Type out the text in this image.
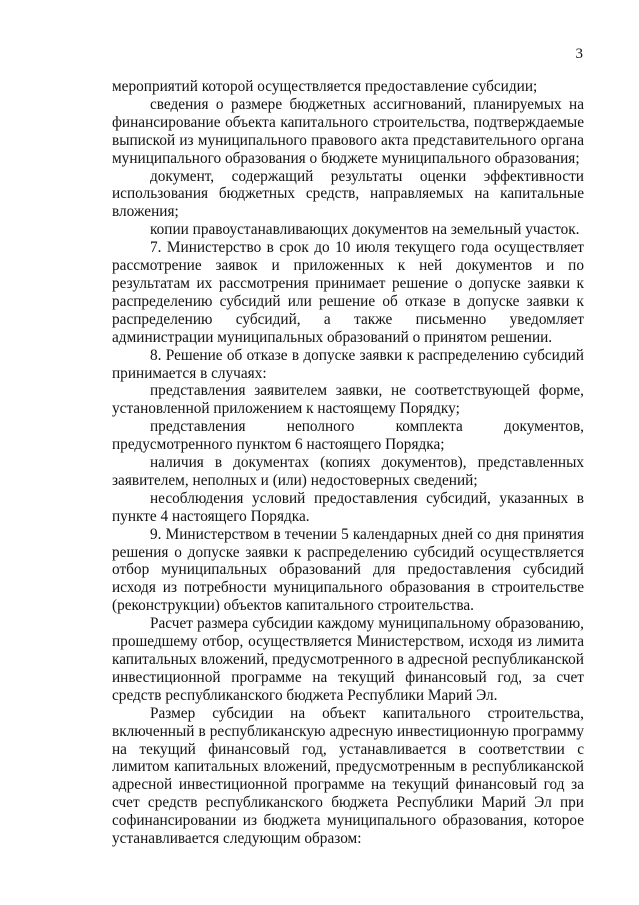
3

мероприятий которой осуществляется предоставление субсидии;

сведения о размере бюджетных ассигнований, планируемых на финансирование объекта капитального строительства, подтверждаемые выпиской из муниципального правового акта представительного органа муниципального образования о бюджете муниципального образования;

документ, содержащий результаты оценки эффективности использования бюджетных средств, направляемых на капитальные вложения;

копии правоустанавливающих документов на земельный участок.

7. Министерство в срок до 10 июля текущего года осуществляет рассмотрение заявок и приложенных к ней документов и по результатам их рассмотрения принимает решение о допуске заявки к распределению субсидий или решение об отказе в допуске заявки к распределению субсидий, а также письменно уведомляет администрации муниципальных образований о принятом решении.

8. Решение об отказе в допуске заявки к распределению субсидий принимается в случаях:

представления заявителем заявки, не соответствующей форме, установленной приложением к настоящему Порядку;

представления неполного комплекта документов, предусмотренного пунктом 6 настоящего Порядка;

наличия в документах (копиях документов), представленных заявителем, неполных и (или) недостоверных сведений;

несоблюдения условий предоставления субсидий, указанных в пункте 4 настоящего Порядка.

9. Министерством в течении 5 календарных дней со дня принятия решения о допуске заявки к распределению субсидий осуществляется отбор муниципальных образований для предоставления субсидий исходя из потребности муниципального образования в строительстве (реконструкции) объектов капитального строительства.

Расчет размера субсидии каждому муниципальному образованию, прошедшему отбор, осуществляется Министерством, исходя из лимита капитальных вложений, предусмотренного в адресной республиканской инвестиционной программе на текущий финансовый год, за счет средств республиканского бюджета Республики Марий Эл.

Размер субсидии на объект капитального строительства, включенный в республиканскую адресную инвестиционную программу на текущий финансовый год, устанавливается в соответствии с лимитом капитальных вложений, предусмотренным в республиканской адресной инвестиционной программе на текущий финансовый год за счет средств республиканского бюджета Республики Марий Эл при софинансировании из бюджета муниципального образования, которое устанавливается следующим образом:
